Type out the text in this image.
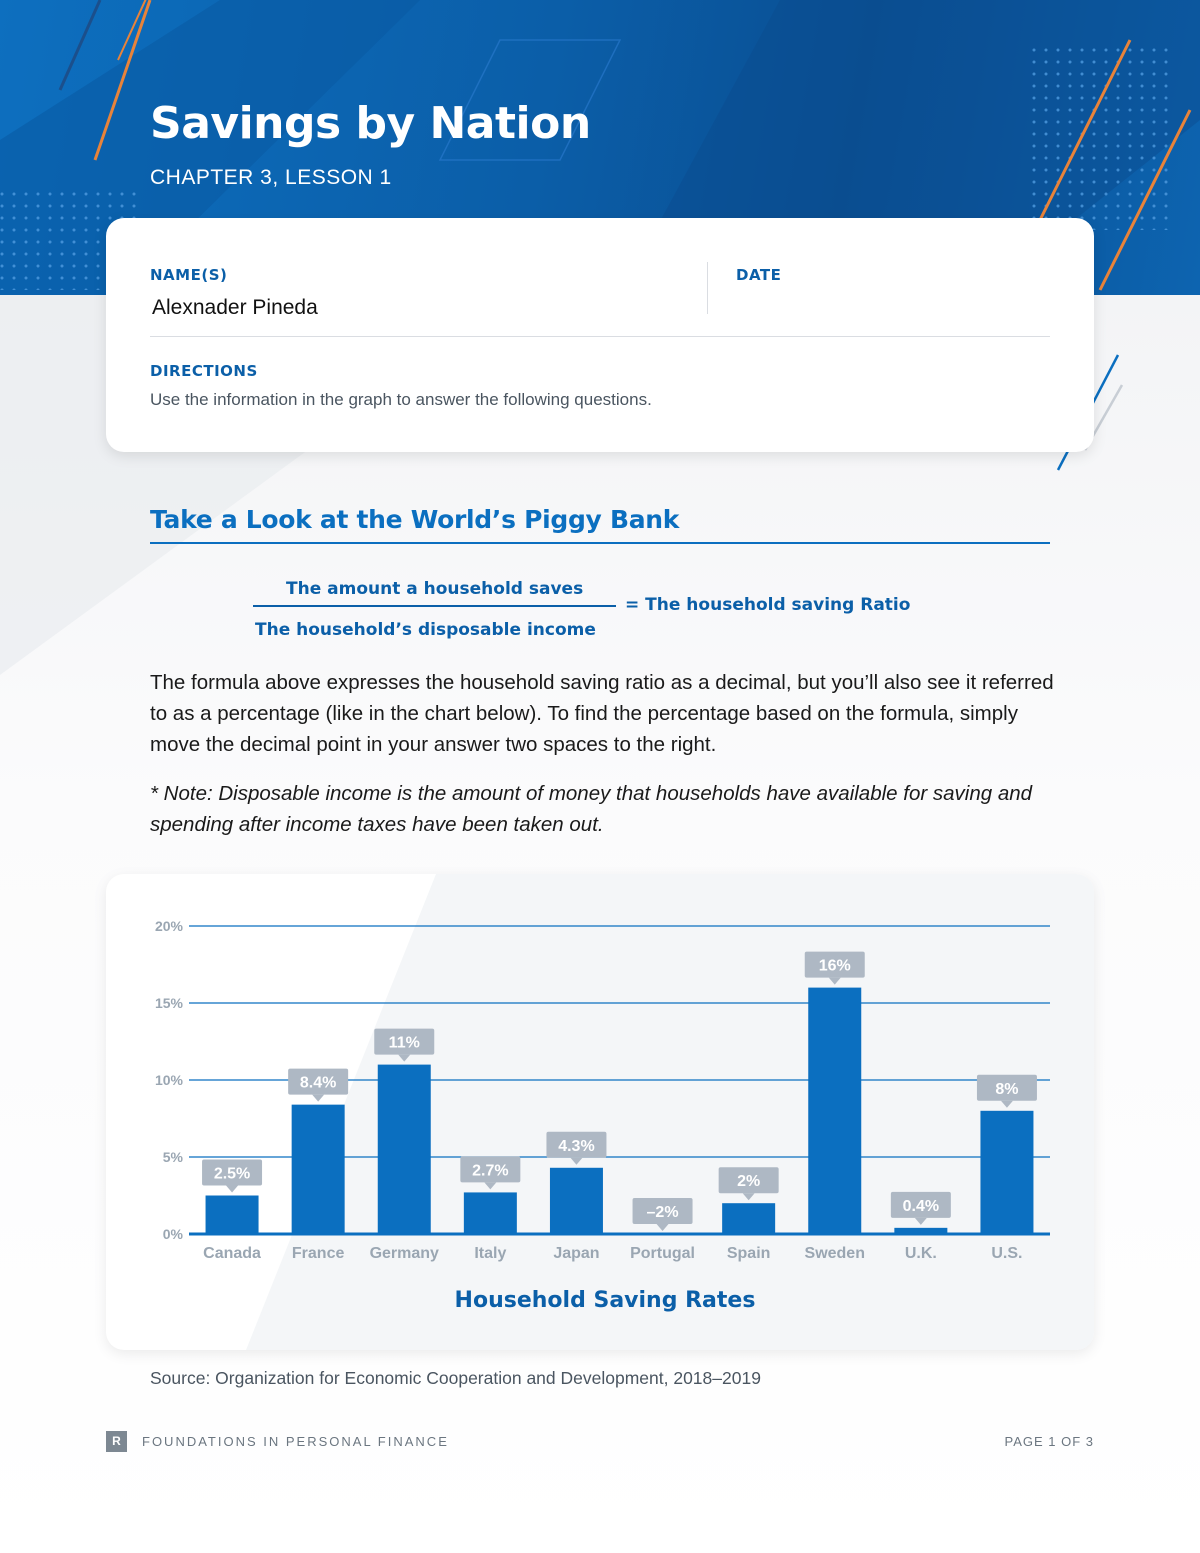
Savings by Nation
CHAPTER 3, LESSON 1
NAME(S)
Alexnader Pineda
DATE
DIRECTIONS
Use the information in the graph to answer the following questions.
Take a Look at the World’s Piggy Bank
The amount a household saves
The household’s disposable income
= The household saving Ratio
The formula above expresses the household saving ratio as a decimal, but you’ll also see it referred to as a percentage (like in the chart below). To find the percentage based on the formula, simply move the decimal point in your answer two spaces to the right.
* Note: Disposable income is the amount of money that households have available for saving and spending after income taxes have been taken out.
0%
5%
10%
15%
20%
2.5%
Canada
8.4%
France
11%
Germany
2.7%
Italy
4.3%
Japan
–2%
Portugal
2%
Spain
16%
Sweden
0.4%
U.K.
8%
U.S.
Household Saving Rates
Source: Organization for Economic Cooperation and Development, 2018–2019
R	FOUNDATIONS IN PERSONAL FINANCE	PAGE 1 OF 3
